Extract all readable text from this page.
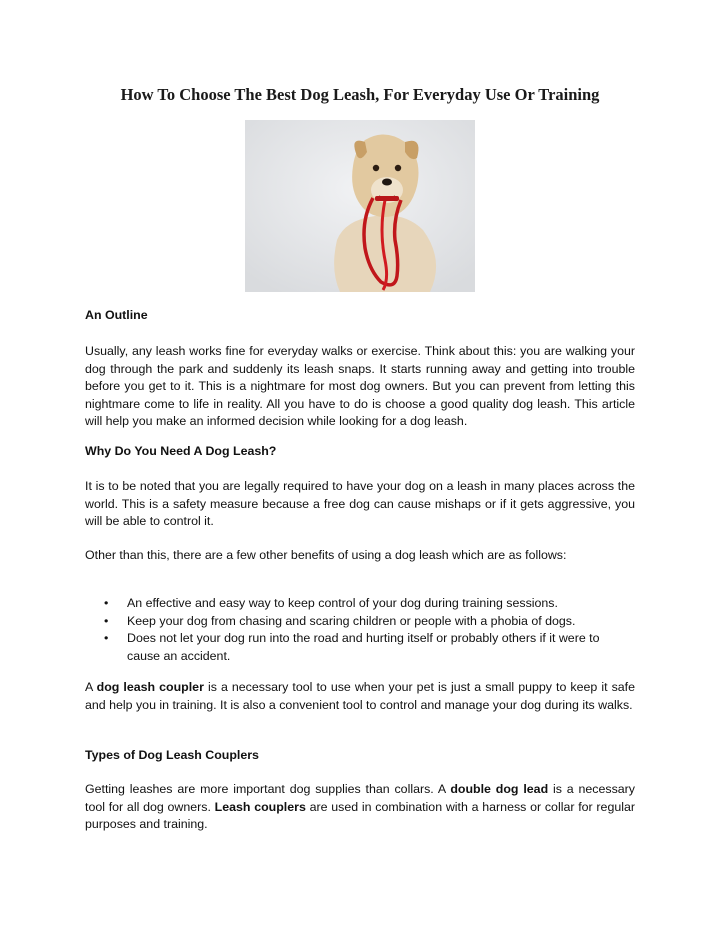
How To Choose The Best Dog Leash, For Everyday Use Or Training
An Outline

Usually, any leash works fine for everyday walks or exercise. Think about this: you are walking your dog through the park and suddenly its leash snaps. It starts running away and getting into trouble before you get to it. This is a nightmare for most dog owners. But you can prevent from letting this nightmare come to life in reality. All you have to do is choose a good quality dog leash. This article will help you make an informed decision while looking for a dog leash.

Why Do You Need A Dog Leash?

It is to be noted that you are legally required to have your dog on a leash in many places across the world. This is a safety measure because a free dog can cause mishaps or if it gets aggressive, you will be able to control it.

Other than this, there are a few other benefits of using a dog leash which are as follows:

• An effective and easy way to keep control of your dog during training sessions.
• Keep your dog from chasing and scaring children or people with a phobia of dogs.
• Does not let your dog run into the road and hurting itself or probably others if it were to cause an accident.

A dog leash coupler is a necessary tool to use when your pet is just a small puppy to keep it safe and help you in training. It is also a convenient tool to control and manage your dog during its walks.

Types of Dog Leash Couplers

Getting leashes are more important dog supplies than collars. A double dog lead is a necessary tool for all dog owners. Leash couplers are used in combination with a harness or collar for regular purposes and training.
